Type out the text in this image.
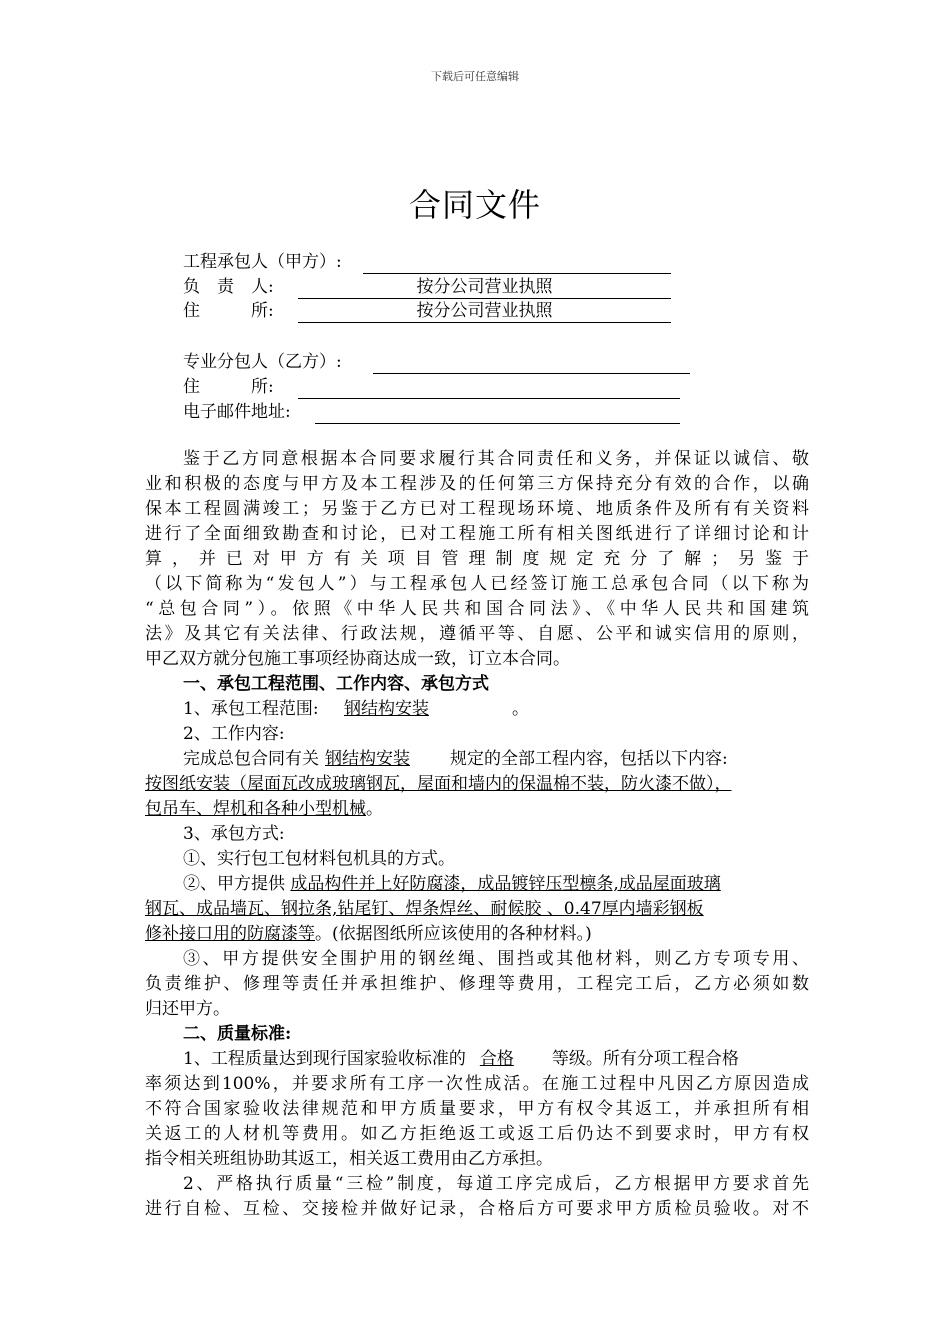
下载后可任意编辑
合同文件
工程承包人（甲方）:
负　责　人:	按分公司营业执照
住　　　所:	按分公司营业执照
专业分包人（乙方）:
住　　　所:
电子邮件地址:

鉴于乙方同意根据本合同要求履行其合同责任和义务，并保证以诚信、敬

业和积极的态度与甲方及本工程涉及的任何第三方保持充分有效的合作，以确

保本工程圆满竣工；另鉴于乙方已对工程现场环境、地质条件及所有有关资料

进行了全面细致勘查和讨论，已对工程施工所有相关图纸进行了详细讨论和计

算，并已对甲方有关项目管理制度规定充分了解；另鉴于

（以下简称为“发包人”）与工程承包人已经签订施工总承包合同（以下称为

“总包合同”）。依照《中华人民共和国合同法》、《中华人民共和国建筑

法》及其它有关法律、行政法规，遵循平等、自愿、公平和诚实信用的原则，

甲乙双方就分包施工事项经协商达成一致，订立本合同。

一、承包工程范围、工作内容、承包方式

1、承包工程范围: 钢结构安装	。

2、工作内容:

完成总包合同有关 钢结构安装 规定的全部工程内容，包括以下内容:

按图纸安装（屋面瓦改成玻璃钢瓦，屋面和墙内的保温棉不装，防火漆不做），

包吊车、焊机和各种小型机械。

3、承包方式:

①、实行包工包材料包机具的方式。

②、甲方提供 成品构件并上好防腐漆，成品镀锌压型檩条,成品屋面玻璃

钢瓦、成品墙瓦、钢拉条,钻尾钉、焊条焊丝、耐候胶 、0.47厚内墙彩钢板

修补接口用的防腐漆等。(依据图纸所应该使用的各种材料。)

③、甲方提供安全围护用的钢丝绳、围挡或其他材料，则乙方专项专用、

负责维护、修理等责任并承担维护、修理等费用，工程完工后，乙方必须如数

归还甲方。

二、质量标准:

1、工程质量达到现行国家验收标准的 合格 等级。所有分项工程合格

率须达到100%，并要求所有工序一次性成活。在施工过程中凡因乙方原因造成

不符合国家验收法律规范和甲方质量要求，甲方有权令其返工，并承担所有相

关返工的人材机等费用。如乙方拒绝返工或返工后仍达不到要求时，甲方有权

指令相关班组协助其返工，相关返工费用由乙方承担。

2、严格执行质量“三检”制度，每道工序完成后，乙方根据甲方要求首先

进行自检、互检、交接检并做好记录，合格后方可要求甲方质检员验收。对不
